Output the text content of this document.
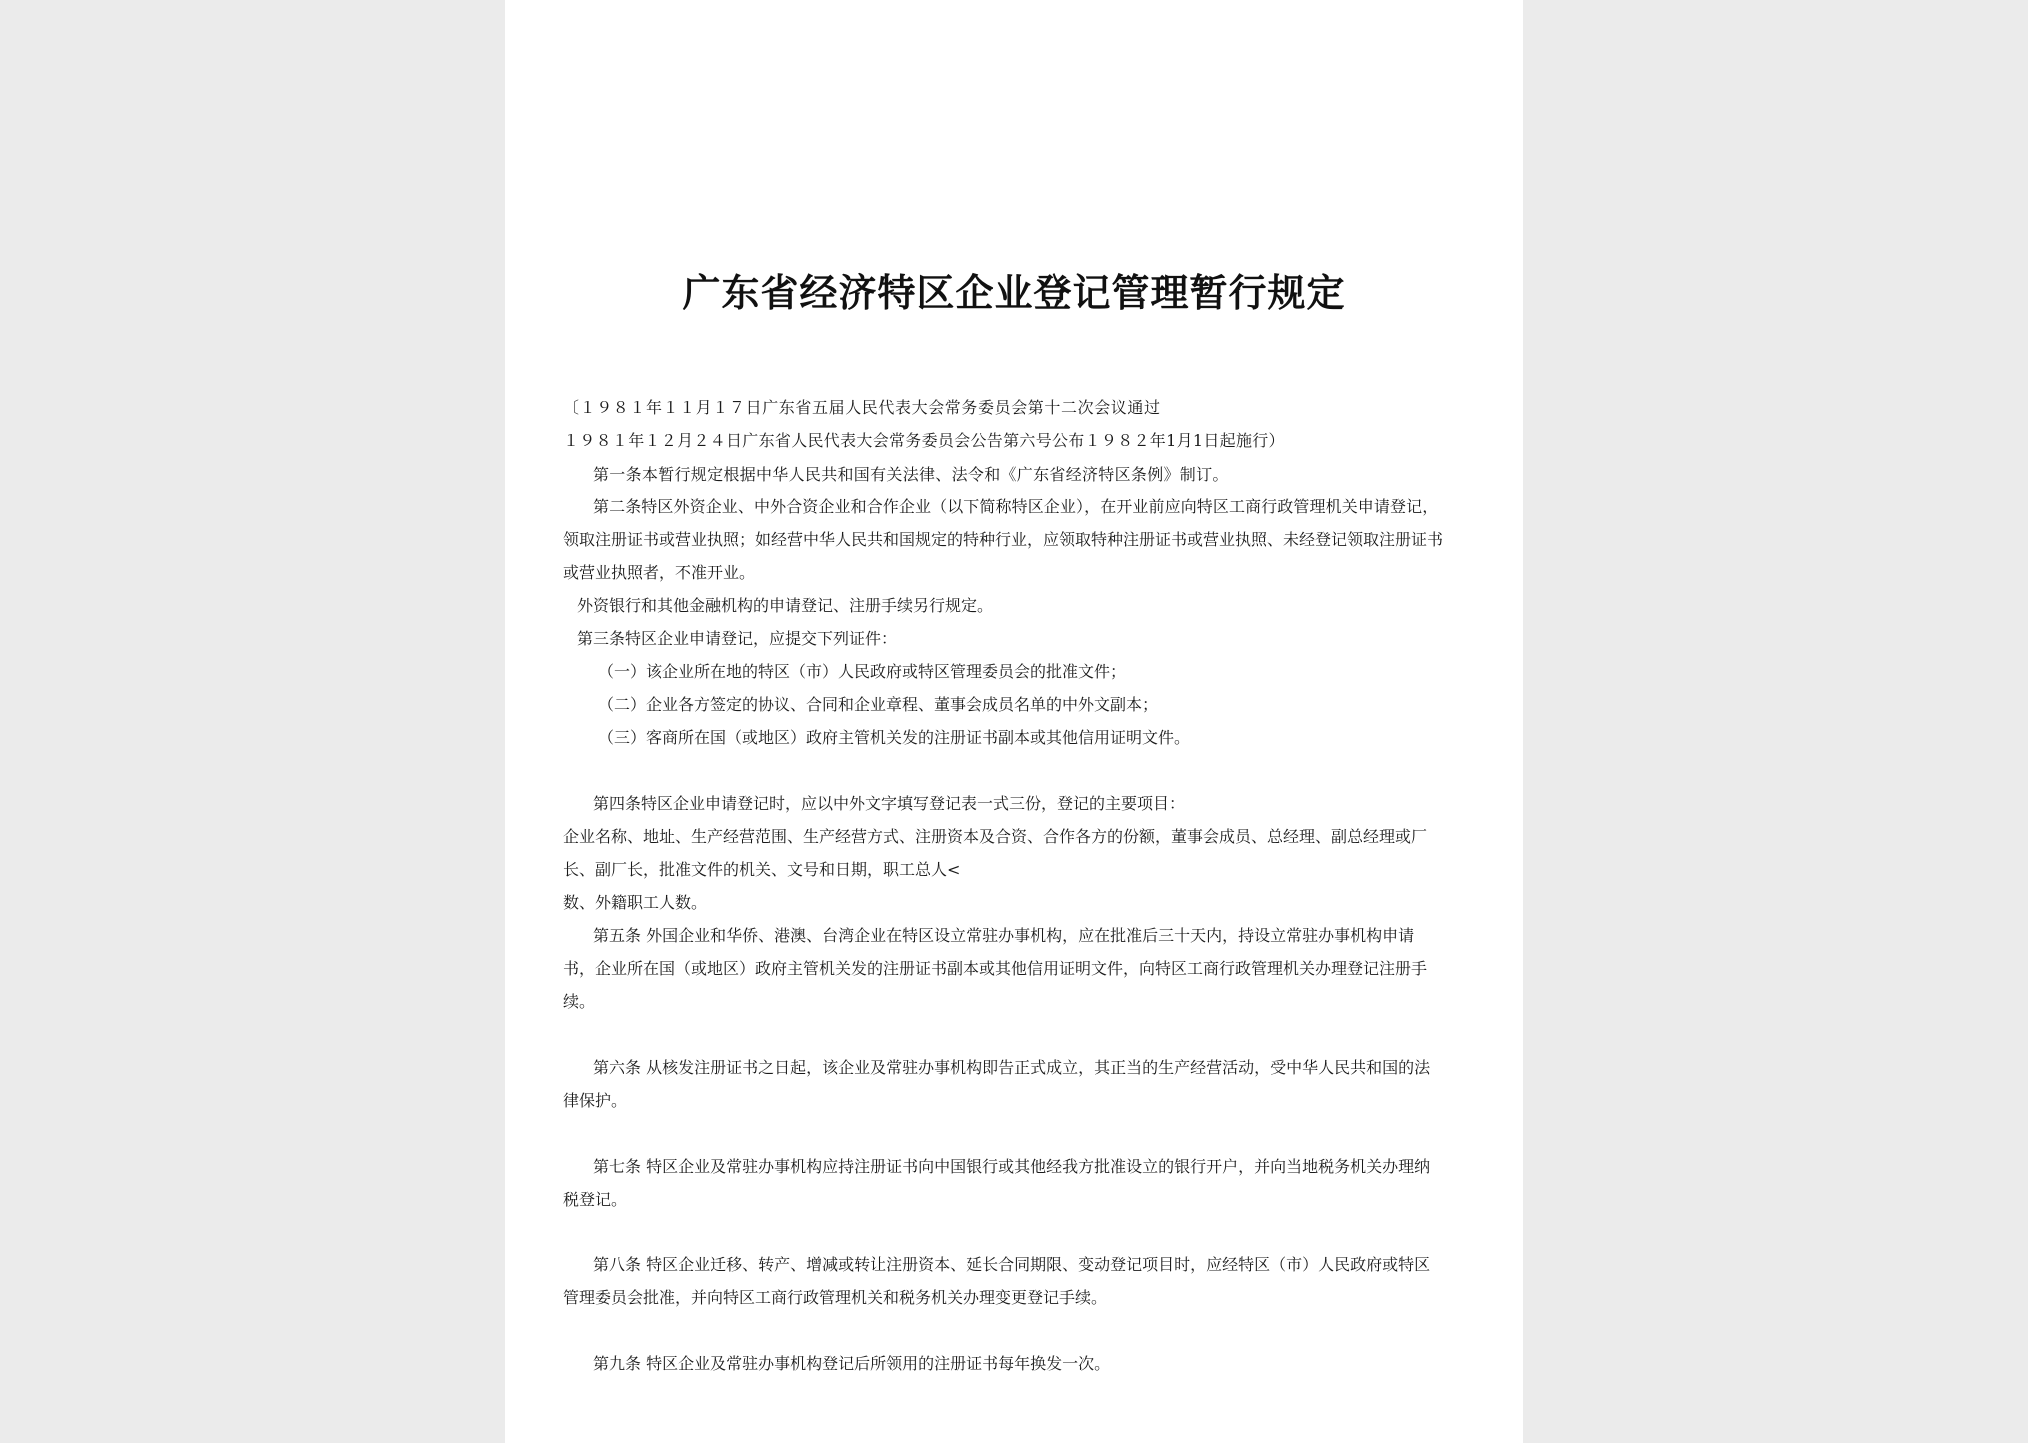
广东省经济特区企业登记管理暂行规定
〔１９８１年１１月１７日广东省五届人民代表大会常务委员会第十二次会议通过
１９８１年１２月２４日广东省人民代表大会常务委员会公告第六号公布１９８２年1月1日起施行）
第一条本暂行规定根据中华人民共和国有关法律、法令和《广东省经济特区条例》制订。
第二条特区外资企业、中外合资企业和合作企业（以下简称特区企业），在开业前应向特区工商行政管理机关申请登记，
领取注册证书或营业执照；如经营中华人民共和国规定的特种行业，应领取特种注册证书或营业执照、未经登记领取注册证书
或营业执照者，不准开业。
外资银行和其他金融机构的申请登记、注册手续另行规定。
第三条特区企业申请登记，应提交下列证件：
（一）该企业所在地的特区（市）人民政府或特区管理委员会的批准文件；
（二）企业各方签定的协议、合同和企业章程、董事会成员名单的中外文副本；
（三）客商所在国（或地区）政府主管机关发的注册证书副本或其他信用证明文件。
第四条特区企业申请登记时，应以中外文字填写登记表一式三份，登记的主要项目：
企业名称、地址、生产经营范围、生产经营方式、注册资本及合资、合作各方的份额，董事会成员、总经理、副总经理或厂
长、副厂长，批准文件的机关、文号和日期，职工总人<
数、外籍职工人数。
第五条 外国企业和华侨、港澳、台湾企业在特区设立常驻办事机构，应在批准后三十天内，持设立常驻办事机构申请
书，企业所在国（或地区）政府主管机关发的注册证书副本或其他信用证明文件，向特区工商行政管理机关办理登记注册手
续。
第六条 从核发注册证书之日起，该企业及常驻办事机构即告正式成立，其正当的生产经营活动，受中华人民共和国的法
律保护。
第七条 特区企业及常驻办事机构应持注册证书向中国银行或其他经我方批准设立的银行开户，并向当地税务机关办理纳
税登记。
第八条 特区企业迁移、转产、增减或转让注册资本、延长合同期限、变动登记项目时，应经特区（市）人民政府或特区
管理委员会批准，并向特区工商行政管理机关和税务机关办理变更登记手续。
第九条 特区企业及常驻办事机构登记后所领用的注册证书每年换发一次。
